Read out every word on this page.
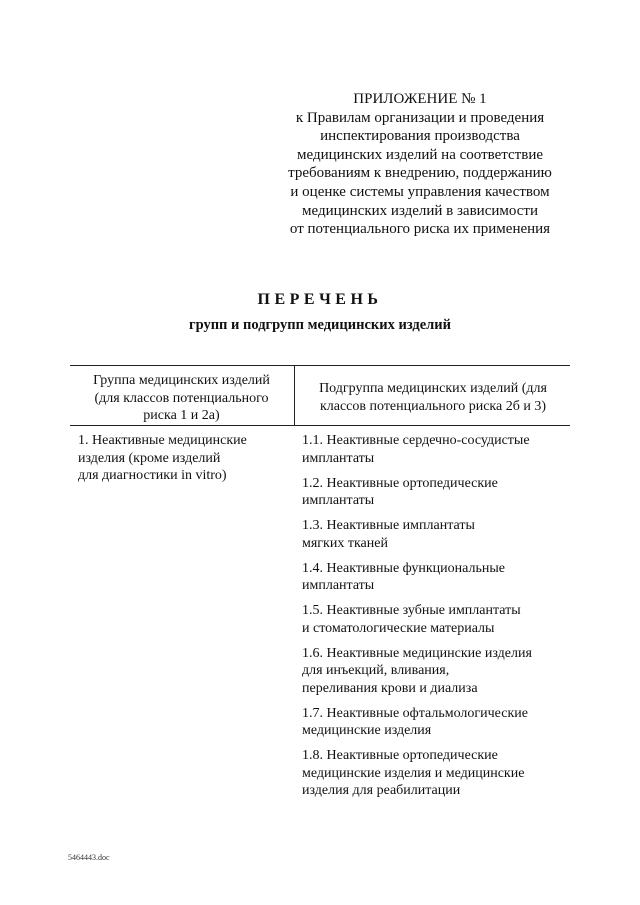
ПРИЛОЖЕНИЕ № 1
к Правилам организации и проведения
инспектирования производства
медицинских изделий на соответствие
требованиям к внедрению, поддержанию
и оценке системы управления качеством
медицинских изделий в зависимости
от потенциального риска их применения
ПЕРЕЧЕНЬ
групп и подгрупп медицинских изделий
Группа медицинских изделий
(для классов потенциального
риска 1 и 2а)
Подгруппа медицинских изделий (для
классов потенциального риска 2б и 3)
1. Неактивные медицинские
изделия (кроме изделий
для диагностики in vitro)
1.1. Неактивные сердечно-сосудистые
имплантаты
1.2. Неактивные ортопедические
имплантаты
1.3. Неактивные имплантаты
мягких тканей
1.4. Неактивные функциональные
имплантаты
1.5. Неактивные зубные имплантаты
и стоматологические материалы
1.6. Неактивные медицинские изделия
для инъекций, вливания,
переливания крови и диализа
1.7. Неактивные офтальмологические
медицинские изделия
1.8. Неактивные ортопедические
медицинские изделия и медицинские
изделия для реабилитации
5464443.doc
